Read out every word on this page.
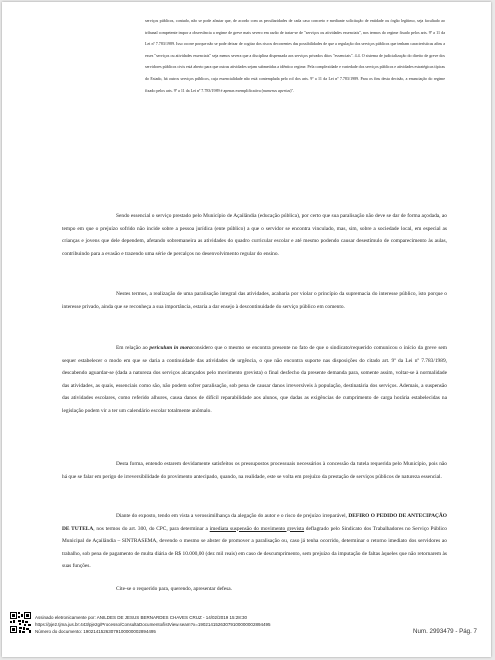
serviços públicos, contudo, não se pode afastar que, de acordo com as peculiaridades de cada caso concreto e mediante solicitação de entidade ou órgão legítimo, seja facultado ao tribunal competente impor a observância a regime de greve mais severo em razão de tratar-se de "serviços ou atividades essenciais", nos termos do regime fixado pelos arts. 9º a 11 da Lei nº 7.783/1989. Isso ocorre porque não se pode deixar de cogitar dos riscos decorrentes das possibilidades de que a regulação dos serviços públicos que tenham características afins a esses "serviços ou atividades essenciais" seja menos severa que a disciplina dispensada aos serviços privados ditos "essenciais". 4.4. O sistema de judicialização do direito de greve dos servidores públicos civis está aberto para que outras atividades sejam submetidas a idêntico regime. Pela complexidade e variedade dos serviços públicos e atividades estratégicas típicas do Estado, há outros serviços públicos, cuja essencialidade não está contemplada pelo rol dos arts. 9º a 11 da Lei nº 7.783/1989. Para os fins desta decisão, a enunciação do regime fixado pelos arts. 9º a 11 da Lei nº 7.783/1989 é apenas exemplificativa (numerus apertus)".

Sendo essencial o serviço prestado pelo Município de Açailândia (educação pública), por certo que sua paralisação não deve se dar de forma açodada, ao tempo em que o prejuízo sofrido não incide sobre a pessoa jurídica (ente público) a que o servidor se encontra vinculado, mas, sim, sobre a sociedade local, em especial as crianças e jovens que dele dependem, afetando sobremaneira as atividades do quadro curricular escolar e até mesmo podendo causar desestímulo de comparecimento às aulas, contribuindo para a evasão e trazendo uma série de percalços no desenvolvimento regular do ensino.

Nestes termos, a realização de uma paralisação integral das atividades, acabaria por violar o princípio da supremacia do interesse público, isto porque o interesse privado, ainda que se reconheça a sua importância, estaria a dar ensejo à descontinuidade do serviço público em comento.

Em relação ao periculum in moraconsidero que o mesmo se encontra presente no fato de que o sindicato/requerido comunicou o início da greve sem sequer estabelecer o modo em que se daria a continuidade das atividades de urgência, o que não encontra suporte nas disposições do citado art. 9º da Lei nº 7.783/1989, descabendo aguardar-se (dada a natureza dos serviços alcançados pelo movimento grevista) o final desfecho da presente demanda para, somente assim, voltar-se à normalidade das atividades, as quais, essenciais como são, não podem sofrer paralisação, sob pena de causar danos irreversíveis à população, destinatária dos serviços. Ademais, a suspensão das atividades escolares, como referido alhures, causa danos de difícil reparabilidade aos alunos, que dadas as exigências de cumprimento de carga horária estabelecidas na legislação podem vir a ter um calendário escolar totalmente anômalo.

Desta forma, entendo estarem devidamente satisfeitos os pressupostos processuais necessários à concessão da tutela requerida pelo Município, pois não há que se falar em perigo de irreversibilidade do provimento antecipado, quando, na realidade, este se volta em prejuízo da prestação de serviços públicos de natureza essencial.

Diante do exposto, tendo em vista a verossimilhança da alegação do autor e o risco de prejuízo irreparável, DEFIRO O PEDIDO DE ANTECIPAÇÃO DE TUTELA, nos termos do art. 300, do CPC, para determinar a imediata suspensão do movimento grevista deflagrado pelo Sindicato dos Trabalhadores no Serviço Público Municipal de Açailândia – SINTRASEMA, devendo o mesmo se abster de promover a paralisação ou, caso já tenha ocorrido, determinar o retorno imediato dos servidores ao trabalho, sob pena de pagamento de multa diária de R$ 10.000,00 (dez mil reais) em caso de descumprimento, sem prejuízo da imputação de faltas àqueles que não retornarem às suas funções.

Cite-se o requerido para, querendo, apresentar defesa.

Assinado eletronicamente por: ANILDES DE JESUS BERNARDES CHAVES CRUZ - 14/02/2019 15:28:30
https://pje2.tjma.jus.br:443/pje2g/Processo/ConsultaDocumento/listView.seam?x=19021415263079100000002894495
Número do documento: 19021415263079100000002894495	Num. 2993479 - Pág. 7
